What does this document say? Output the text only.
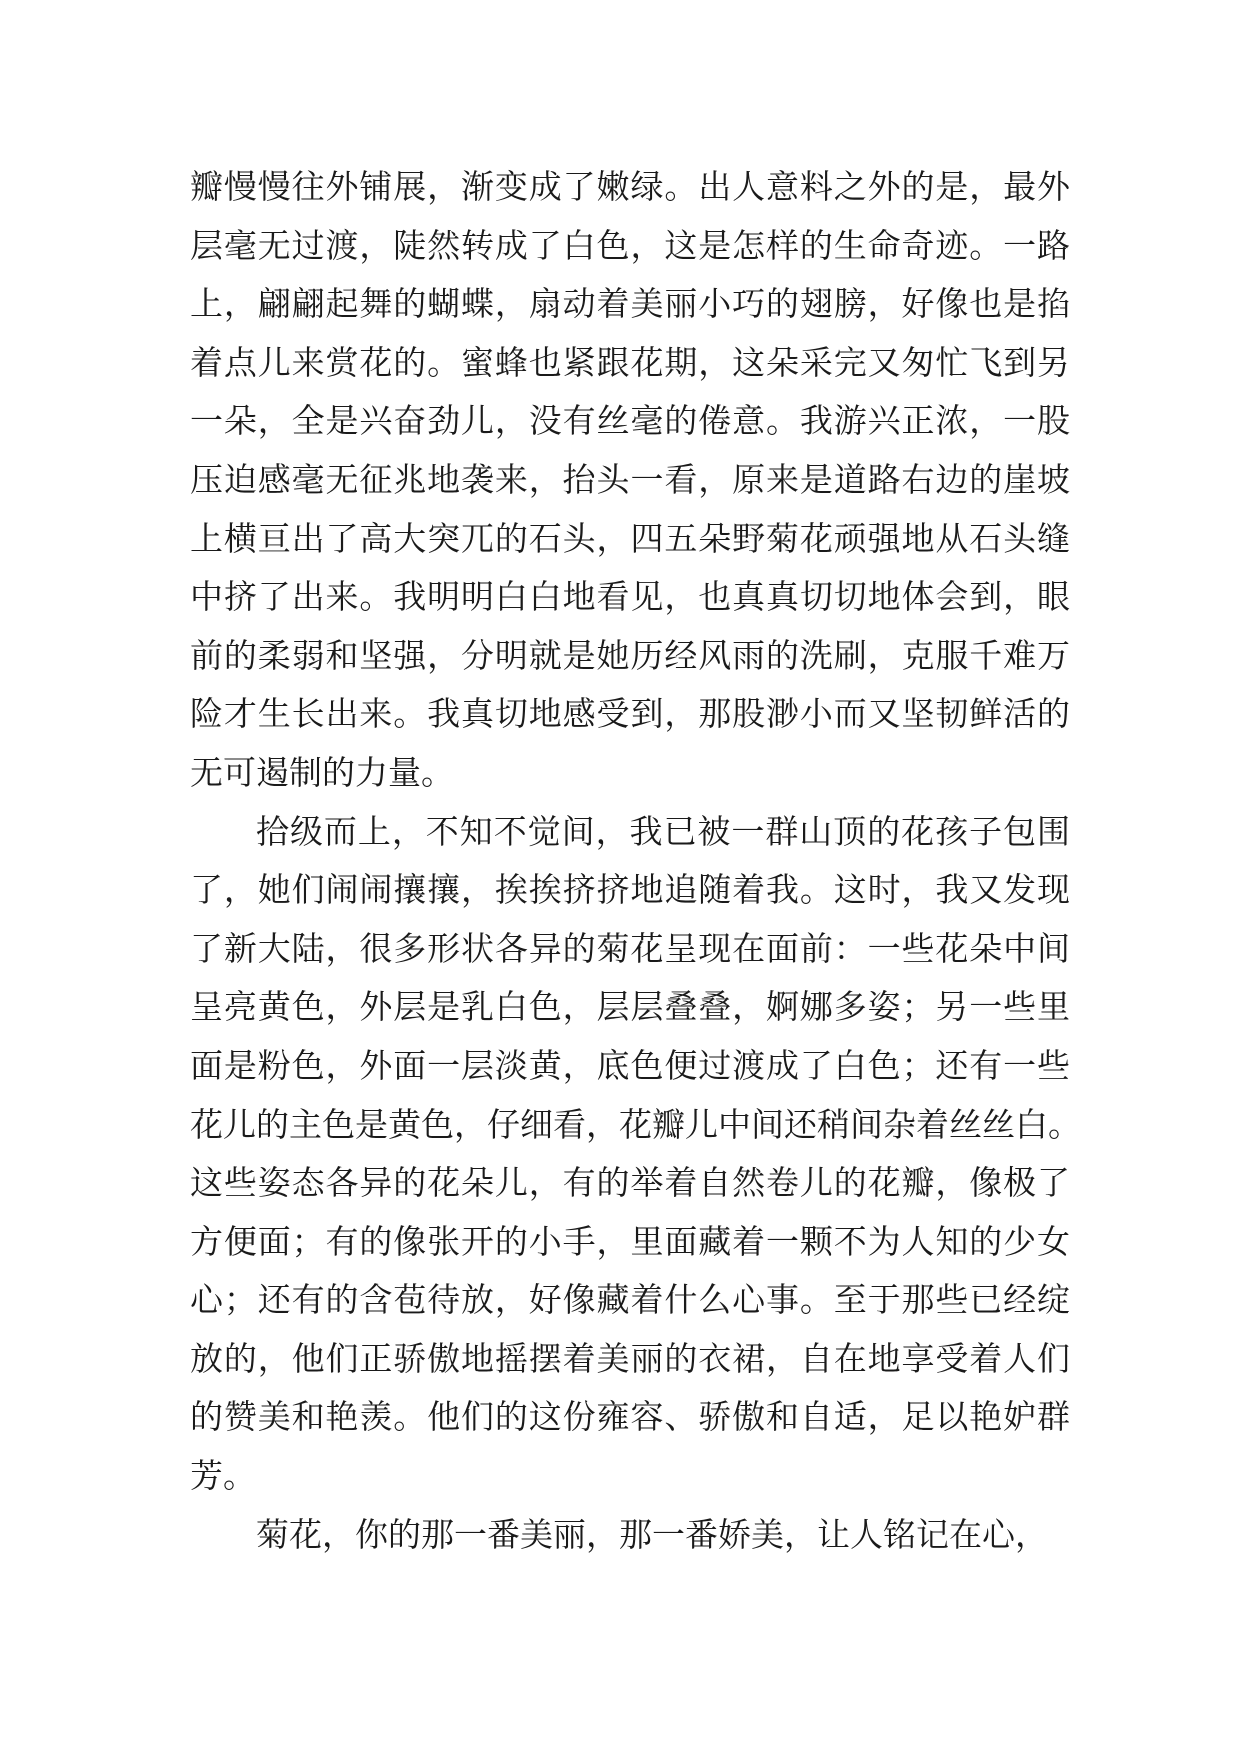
瓣慢慢往外铺展，渐变成了嫩绿。出人意料之外的是，最外
层毫无过渡，陡然转成了白色，这是怎样的生命奇迹。一路
上，翩翩起舞的蝴蝶，扇动着美丽小巧的翅膀，好像也是掐
着点儿来赏花的。蜜蜂也紧跟花期，这朵采完又匆忙飞到另
一朵，全是兴奋劲儿，没有丝毫的倦意。我游兴正浓，一股
压迫感毫无征兆地袭来，抬头一看，原来是道路右边的崖坡
上横亘出了高大突兀的石头，四五朵野菊花顽强地从石头缝
中挤了出来。我明明白白地看见，也真真切切地体会到，眼
前的柔弱和坚强，分明就是她历经风雨的洗刷，克服千难万
险才生长出来。我真切地感受到，那股渺小而又坚韧鲜活的
无可遏制的力量。
拾级而上，不知不觉间，我已被一群山顶的花孩子包围
了，她们闹闹攘攘，挨挨挤挤地追随着我。这时，我又发现
了新大陆，很多形状各异的菊花呈现在面前：一些花朵中间
呈亮黄色，外层是乳白色，层层叠叠，婀娜多姿；另一些里
面是粉色，外面一层淡黄，底色便过渡成了白色；还有一些
花儿的主色是黄色，仔细看，花瓣儿中间还稍间杂着丝丝白。
这些姿态各异的花朵儿，有的举着自然卷儿的花瓣，像极了
方便面；有的像张开的小手，里面藏着一颗不为人知的少女
心；还有的含苞待放，好像藏着什么心事。至于那些已经绽
放的，他们正骄傲地摇摆着美丽的衣裙，自在地享受着人们
的赞美和艳羡。他们的这份雍容、骄傲和自适，足以艳妒群
芳。
菊花，你的那一番美丽，那一番娇美，让人铭记在心，
